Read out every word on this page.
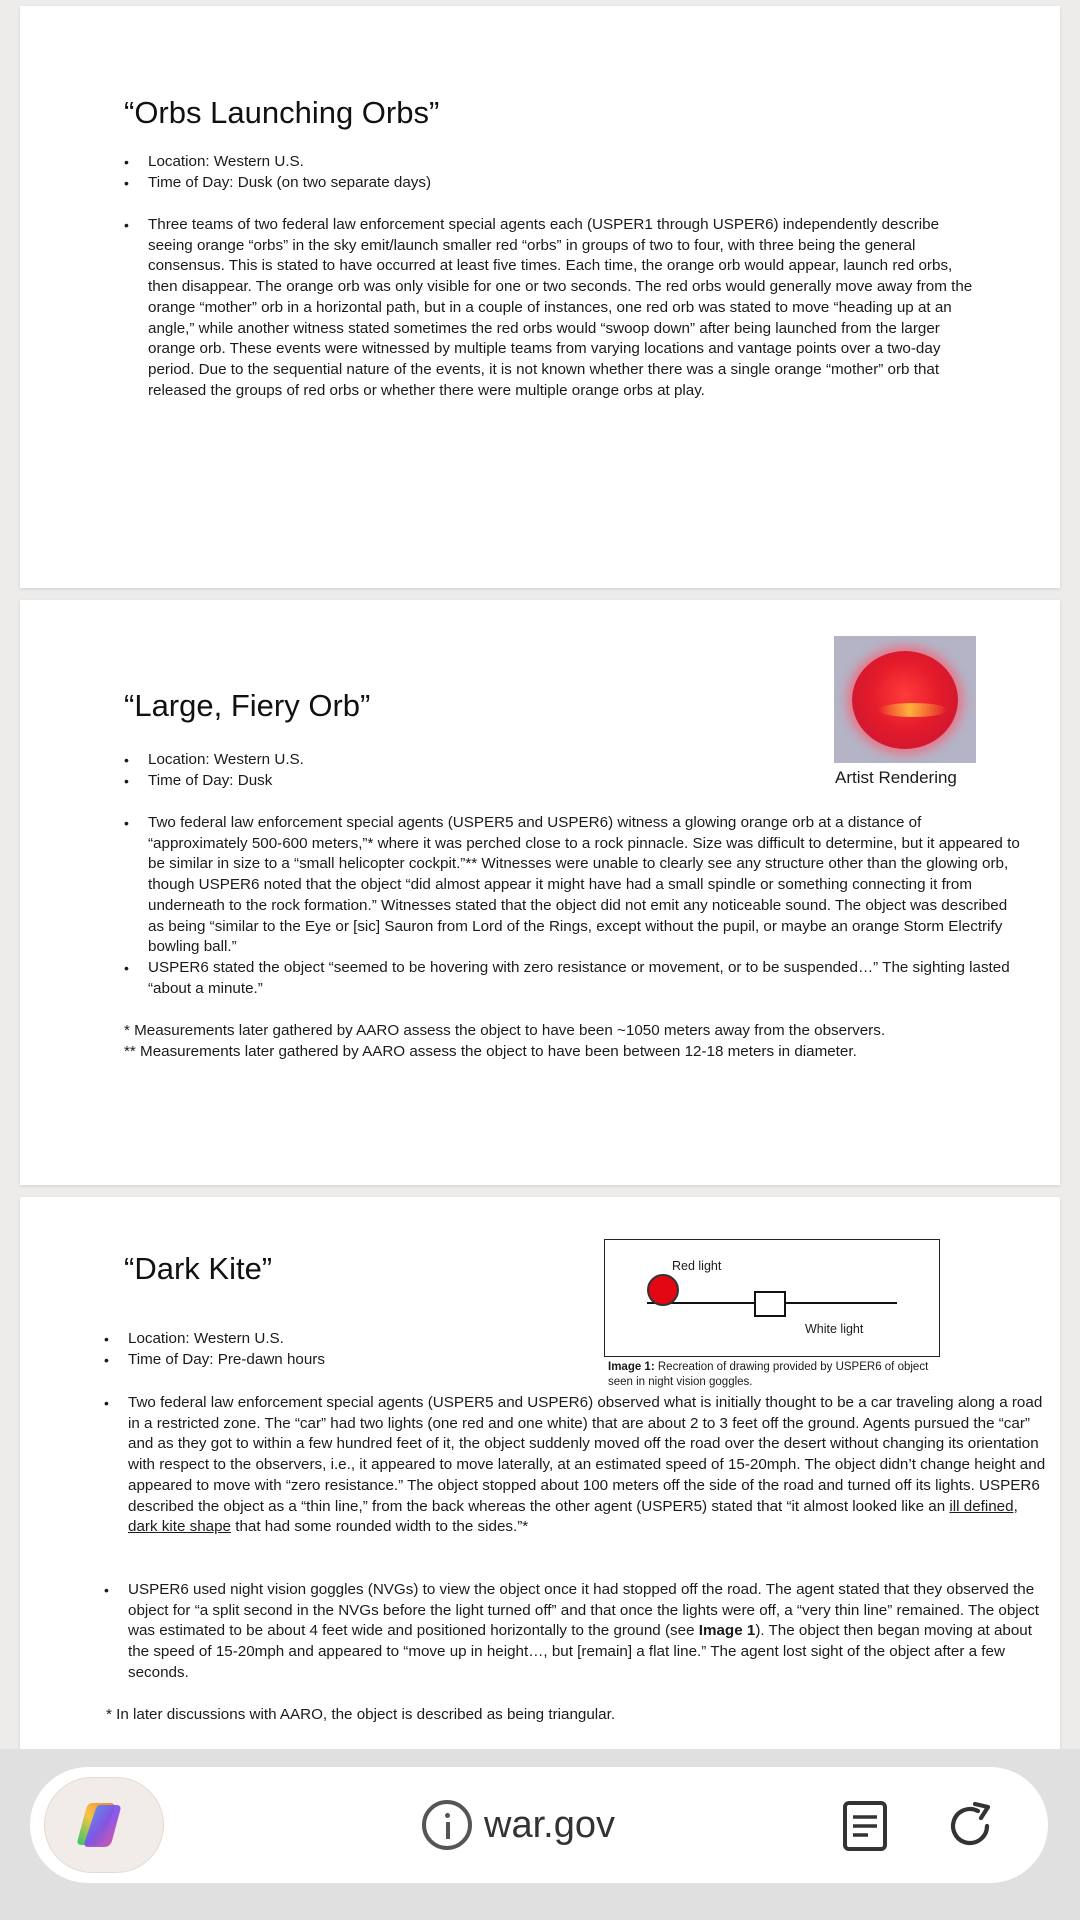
“Orbs Launching Orbs”
• Location: Western U.S.
• Time of Day: Dusk (on two separate days)
• Three teams of two federal law enforcement special agents each (USPER1 through USPER6) independently describe seeing orange “orbs” in the sky emit/launch smaller red “orbs” in groups of two to four, with three being the general consensus. This is stated to have occurred at least five times. Each time, the orange orb would appear, launch red orbs, then disappear. The orange orb was only visible for one or two seconds. The red orbs would generally move away from the orange “mother” orb in a horizontal path, but in a couple of instances, one red orb was stated to move “heading up at an angle,” while another witness stated sometimes the red orbs would “swoop down” after being launched from the larger orange orb. These events were witnessed by multiple teams from varying locations and vantage points over a two-day period. Due to the sequential nature of the events, it is not known whether there was a single orange “mother” orb that released the groups of red orbs or whether there were multiple orange orbs at play.
“Large, Fiery Orb”
Artist Rendering
• Location: Western U.S.
• Time of Day: Dusk
• Two federal law enforcement special agents (USPER5 and USPER6) witness a glowing orange orb at a distance of “approximately 500-600 meters,”* where it was perched close to a rock pinnacle. Size was difficult to determine, but it appeared to be similar in size to a “small helicopter cockpit.”** Witnesses were unable to clearly see any structure other than the glowing orb, though USPER6 noted that the object “did almost appear it might have had a small spindle or something connecting it from underneath to the rock formation.” Witnesses stated that the object did not emit any noticeable sound. The object was described as being “similar to the Eye or [sic] Sauron from Lord of the Rings, except without the pupil, or maybe an orange Storm Electrify bowling ball.”
• USPER6 stated the object “seemed to be hovering with zero resistance or movement, or to be suspended…” The sighting lasted “about a minute.”
* Measurements later gathered by AARO assess the object to have been ~1050 meters away from the observers.
** Measurements later gathered by AARO assess the object to have been between 12-18 meters in diameter.
“Dark Kite”	Red light
White light
Image 1: Recreation of drawing provided by USPER6 of object seen in night vision goggles.
• Location: Western U.S.
• Time of Day: Pre-dawn hours
• Two federal law enforcement special agents (USPER5 and USPER6) observed what is initially thought to be a car traveling along a road in a restricted zone. The “car” had two lights (one red and one white) that are about 2 to 3 feet off the ground. Agents pursued the “car” and as they got to within a few hundred feet of it, the object suddenly moved off the road over the desert without changing its orientation with respect to the observers, i.e., it appeared to move laterally, at an estimated speed of 15-20mph. The object didn’t change height and appeared to move with “zero resistance.” The object stopped about 100 meters off the side of the road and turned off its lights. USPER6 described the object as a “thin line,” from the back whereas the other agent (USPER5) stated that “it almost looked like an ill defined, dark kite shape that had some rounded width to the sides.”*
• USPER6 used night vision goggles (NVGs) to view the object once it had stopped off the road. The agent stated that they observed the object for “a split second in the NVGs before the light turned off” and that once the lights were off, a “very thin line” remained. The object was estimated to be about 4 feet wide and positioned horizontally to the ground (see Image 1). The object then began moving at about the speed of 15-20mph and appeared to “move up in height…, but [remain] a flat line.” The agent lost sight of the object after a few seconds.
* In later discussions with AARO, the object is described as being triangular.
war.gov
